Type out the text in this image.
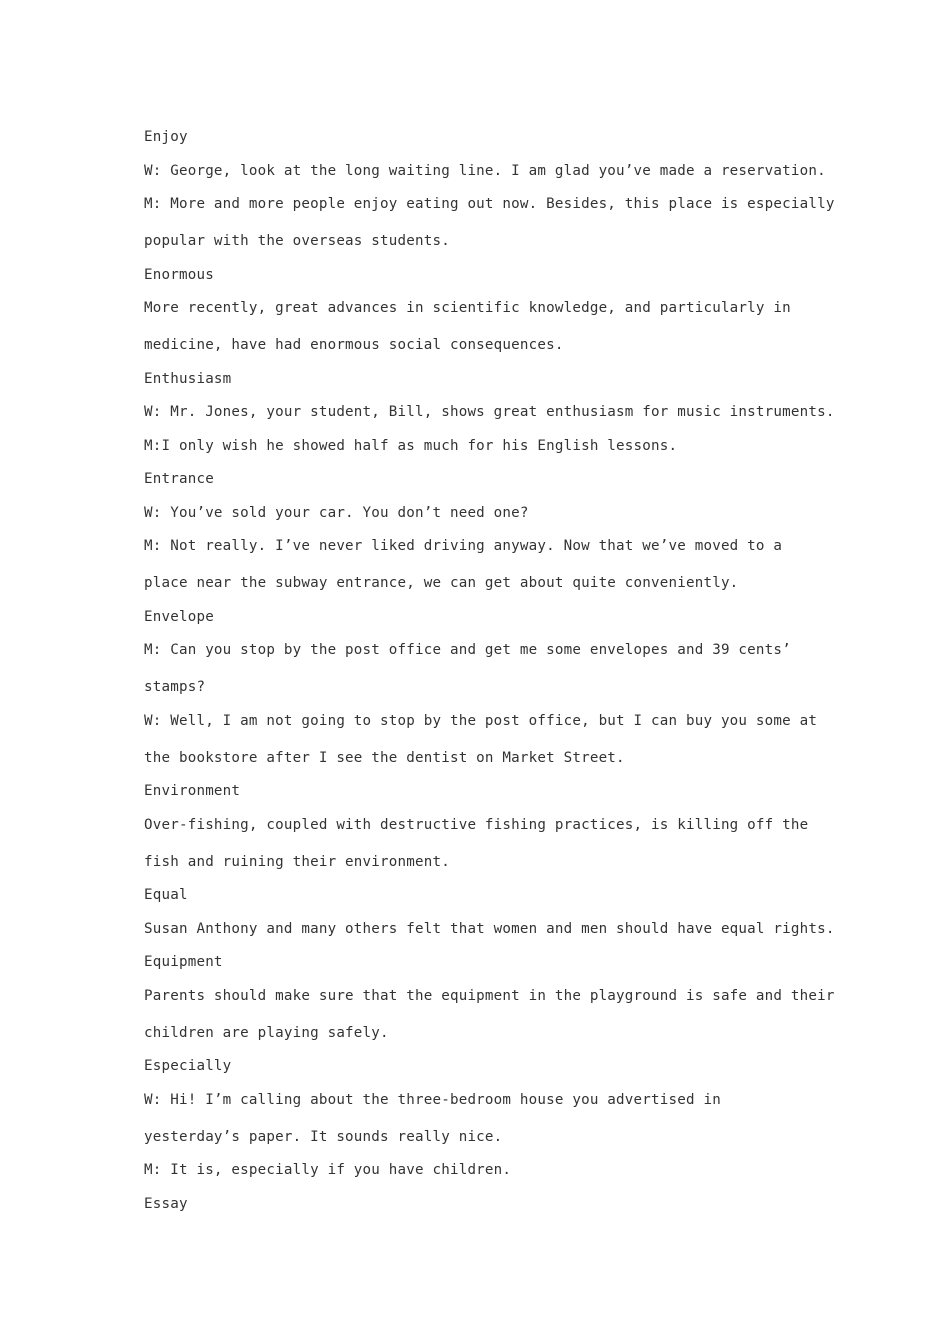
Enjoy
W: George, look at the long waiting line. I am glad you’ve made a reservation.
M: More and more people enjoy eating out now. Besides, this place is especially
popular with the overseas students.
Enormous
More recently, great advances in scientific knowledge, and particularly in
medicine, have had enormous social consequences.
Enthusiasm
W: Mr. Jones, your student, Bill, shows great enthusiasm for music instruments.
M:I only wish he showed half as much for his English lessons.
Entrance
W: You’ve sold your car. You don’t need one?
M: Not really. I’ve never liked driving anyway. Now that we’ve moved to a
place near the subway entrance, we can get about quite conveniently.
Envelope
M: Can you stop by the post office and get me some envelopes and 39 cents’
stamps?
W: Well, I am not going to stop by the post office, but I can buy you some at
the bookstore after I see the dentist on Market Street.
Environment
Over-fishing, coupled with destructive fishing practices, is killing off the
fish and ruining their environment.
Equal
Susan Anthony and many others felt that women and men should have equal rights.
Equipment
Parents should make sure that the equipment in the playground is safe and their
children are playing safely.
Especially
W: Hi! I’m calling about the three-bedroom house you advertised in
yesterday’s paper. It sounds really nice.
M: It is, especially if you have children.
Essay
